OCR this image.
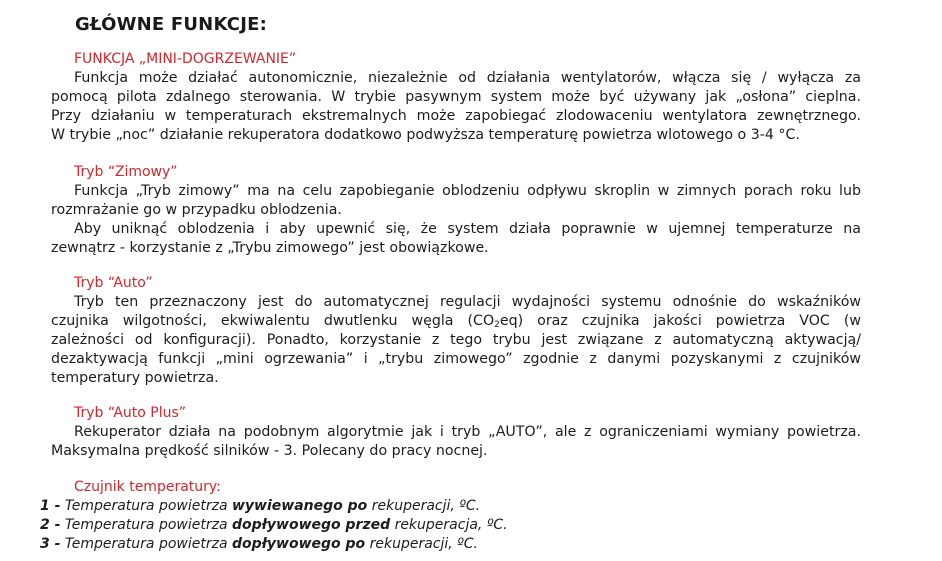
GŁÓWNE FUNKCJE:
FUNKCJA „MINI-DOGRZEWANIE”
Funkcja może działać autonomicznie, niezależnie od działania wentylatorów, włącza się / wyłącza za
pomocą pilota zdalnego sterowania. W trybie pasywnym system może być używany jak „osłona” cieplna.
Przy działaniu w temperaturach ekstremalnych może zapobiegać zlodowaceniu wentylatora zewnętrznego.
W trybie „noc” działanie rekuperatora dodatkowo podwyższa temperaturę powietrza wlotowego o 3-4 °C.
Tryb “Zimowy”
Funkcja „Tryb zimowy” ma na celu zapobieganie oblodzeniu odpływu skroplin w zimnych porach roku lub
rozmrażanie go w przypadku oblodzenia.
Aby uniknąć oblodzenia i aby upewnić się, że system działa poprawnie w ujemnej temperaturze na
zewnątrz - korzystanie z „Trybu zimowego” jest obowiązkowe.
Tryb “Auto”
Tryb ten przeznaczony jest do automatycznej regulacji wydajności systemu odnośnie do wskaźników
czujnika wilgotności, ekwiwalentu dwutlenku węgla $(CO_2eq)$ oraz czujnika jakości powietrza VOC (w
zależności od konfiguracji). Ponadto, korzystanie z tego trybu jest związane z automatyczną aktywacją/
dezaktywacją funkcji „mini ogrzewania” i „trybu zimowego” zgodnie z danymi pozyskanymi z czujników
temperatury powietrza.
Tryb “Auto Plus”
Rekuperator działa na podobnym algorytmie jak i tryb „AUTO”, ale z ograniczeniami wymiany powietrza.
Maksymalna prędkość silników - 3. Polecany do pracy nocnej.
Czujnik temperatury:
1 - Temperatura powietrza wywiewanego po rekuperacji, ºC.
2 - Temperatura powietrza dopływowego przed rekuperacja, ºC.
3 - Temperatura powietrza dopływowego po rekuperacji, ºC.
